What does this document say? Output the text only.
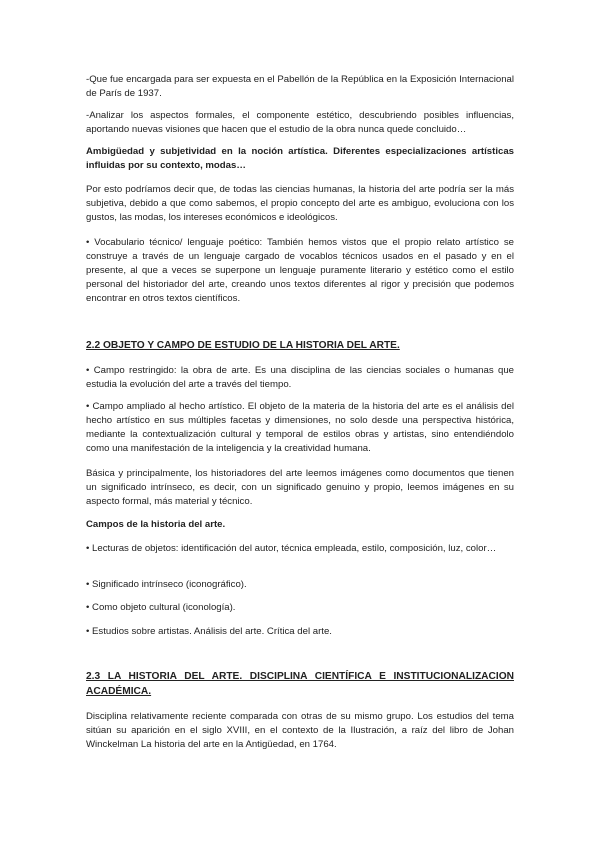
-Que fue encargada para ser expuesta en el Pabellón de la República en la Exposición Internacional de París de 1937.

-Analizar los aspectos formales, el componente estético, descubriendo posibles influencias, aportando nuevas visiones que hacen que el estudio de la obra nunca quede concluido…

Ambigüedad y subjetividad en la noción artística. Diferentes especializaciones artísticas influidas por su contexto, modas…

Por esto podríamos decir que, de todas las ciencias humanas, la historia del arte podría ser la más subjetiva, debido a que como sabemos, el propio concepto del arte es ambiguo, evoluciona con los gustos, las modas, los intereses económicos e ideológicos.

• Vocabulario técnico/ lenguaje poético: También hemos vistos que el propio relato artístico se construye a través de un lenguaje cargado de vocablos técnicos usados en el pasado y en el presente, al que a veces se superpone un lenguaje puramente literario y estético como el estilo personal del historiador del arte, creando unos textos diferentes al rigor y precisión que podemos encontrar en otros textos científicos.

2.2 OBJETO Y CAMPO DE ESTUDIO DE LA HISTORIA DEL ARTE.

• Campo restringido: la obra de arte. Es una disciplina de las ciencias sociales o humanas que estudia la evolución del arte a través del tiempo.

• Campo ampliado al hecho artístico. El objeto de la materia de la historia del arte es el análisis del hecho artístico en sus múltiples facetas y dimensiones, no solo desde una perspectiva histórica, mediante la contextualización cultural y temporal de estilos obras y artistas, sino entendiéndolo como una manifestación de la inteligencia y la creatividad humana.

Básica y principalmente, los historiadores del arte leemos imágenes como documentos que tienen un significado intrínseco, es decir, con un significado genuino y propio, leemos imágenes en su aspecto formal, más material y técnico.

Campos de la historia del arte.

• Lecturas de objetos: identificación del autor, técnica empleada, estilo, composición, luz, color…

• Significado intrínseco (iconográfico).

• Como objeto cultural (iconología).

• Estudios sobre artistas. Análisis del arte. Crítica del arte.

2.3 LA HISTORIA DEL ARTE. DISCIPLINA CIENTÍFICA E INSTITUCIONALIZACION ACADÉMICA.

Disciplina relativamente reciente comparada con otras de su mismo grupo. Los estudios del tema sitúan su aparición en el siglo XVIII, en el contexto de la Ilustración, a raíz del libro de Johan Winckelman La historia del arte en la Antigüedad, en 1764.
